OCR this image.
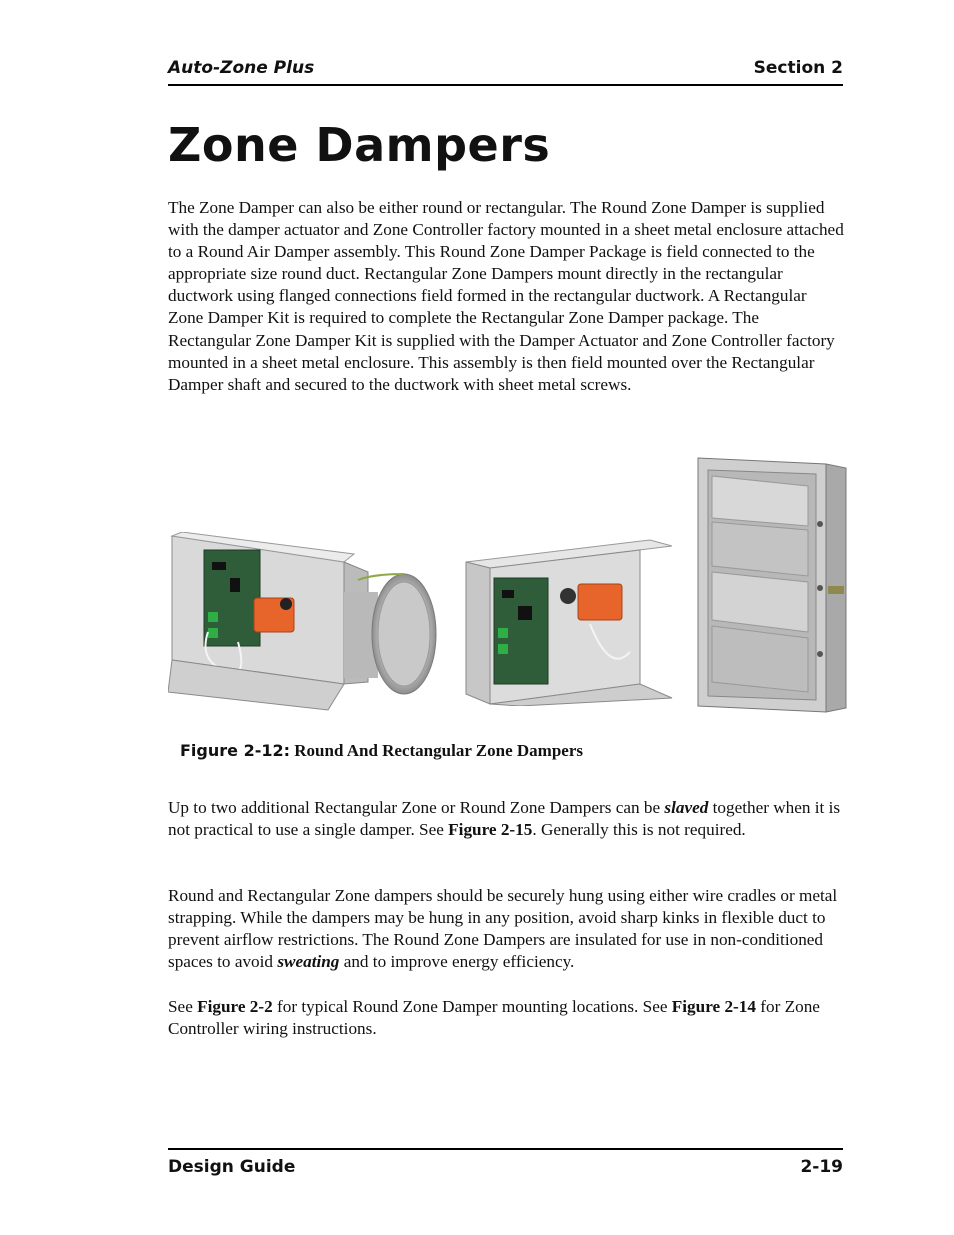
Auto-Zone Plus	Section 2
Zone Dampers

The Zone Damper can also be either round or rectangular. The Round Zone Damper is supplied with the damper actuator and Zone Controller factory mounted in a sheet metal enclosure attached to a Round Air Damper assembly. This Round Zone Damper Package is field connected to the appropriate size round duct. Rectangular Zone Dampers mount directly in the rectangular ductwork using flanged connections field formed in the rectangular ductwork. A Rectangular Zone Damper Kit is required to complete the Rectangular Zone Damper package. The Rectangular Zone Damper Kit is supplied with the Damper Actuator and Zone Controller factory mounted in a sheet metal enclosure. This assembly is then field mounted over the Rectangular Damper shaft and secured to the ductwork with sheet metal screws.

Figure 2-12: Round And Rectangular Zone Dampers

Up to two additional Rectangular Zone or Round Zone Dampers can be slaved together when it is not practical to use a single damper. See Figure 2-15. Generally this is not required.

Round and Rectangular Zone dampers should be securely hung using either wire cradles or metal strapping. While the dampers may be hung in any position, avoid sharp kinks in flexible duct to prevent airflow restrictions. The Round Zone Dampers are insulated for use in non-conditioned spaces to avoid sweating and to improve energy efficiency.

See Figure 2-2 for typical Round Zone Damper mounting locations. See Figure 2-14 for Zone Controller wiring instructions.

Design Guide	2-19
